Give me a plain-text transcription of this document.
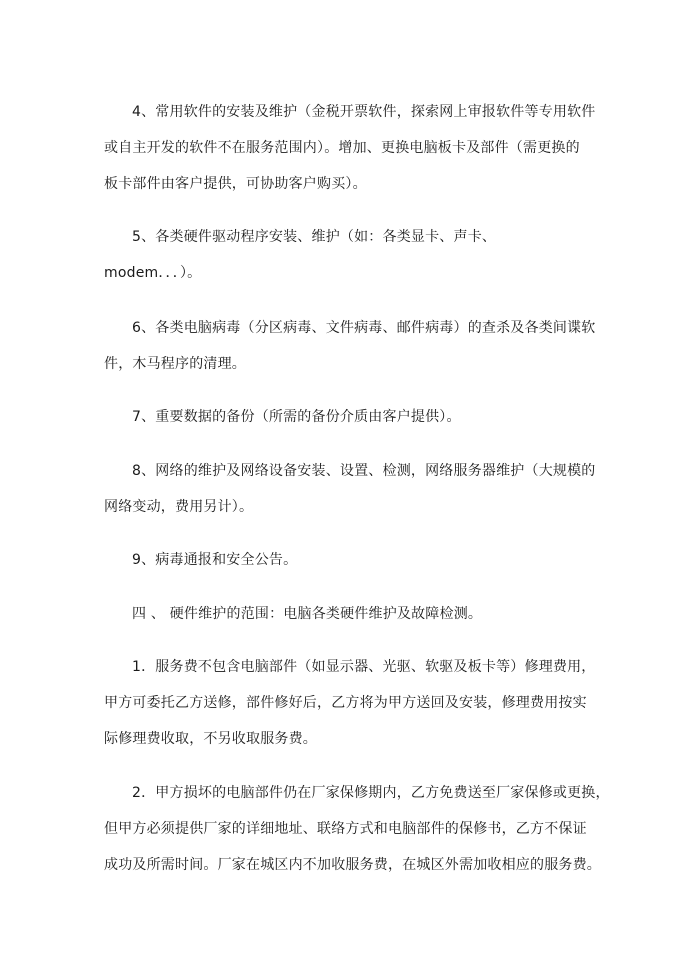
4、常用软件的安装及维护（金税开票软件，探索网上审报软件等专用软件
或自主开发的软件不在服务范围内）。增加、更换电脑板卡及部件（需更换的
板卡部件由客户提供，可协助客户购买）。
5、各类硬件驱动程序安装、维护（如：各类显卡、声卡、
modem．．．）。
6、各类电脑病毒（分区病毒、文件病毒、邮件病毒）的查杀及各类间谍软
件，木马程序的清理。
7、重要数据的备份（所需的备份介质由客户提供）。
8、网络的维护及网络设备安装、设置、检测，网络服务器维护（大规模的
网络变动，费用另计）。
9、病毒通报和安全公告。
四 、 硬件维护的范围：电脑各类硬件维护及故障检测。
1．服务费不包含电脑部件（如显示器、光驱、软驱及板卡等）修理费用，
甲方可委托乙方送修，部件修好后，乙方将为甲方送回及安装，修理费用按实
际修理费收取，不另收取服务费。
2．甲方损坏的电脑部件仍在厂家保修期内，乙方免费送至厂家保修或更换，
但甲方必须提供厂家的详细地址、联络方式和电脑部件的保修书，乙方不保证
成功及所需时间。厂家在城区内不加收服务费，在城区外需加收相应的服务费。
